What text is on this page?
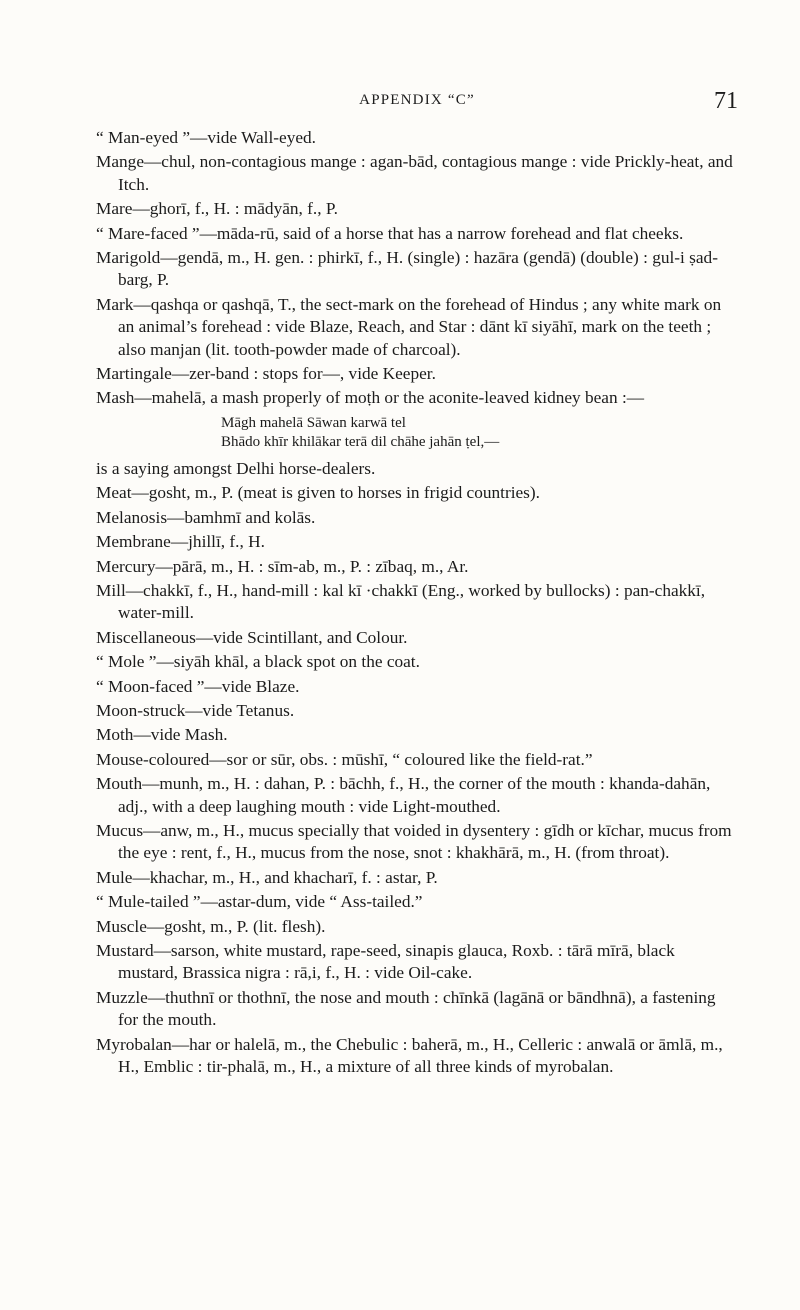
APPENDIX “C”	71

“ Man-eyed ”—vide Wall-eyed.

Mange—chul, non-contagious mange : agan-bād, contagious mange : vide Prickly-heat, and Itch.

Mare—ghorī, f., H. : mādyān, f., P.

“ Mare-faced ”—māda-rū, said of a horse that has a narrow forehead and flat cheeks.

Marigold—gendā, m., H. gen. : phirkī, f., H. (single) : hazāra (gendā) (double) : gul-i ṣad-barg, P.

Mark—qashqa or qashqā, T., the sect-mark on the forehead of Hindus ; any white mark on an animal’s forehead : vide Blaze, Reach, and Star : dānt kī siyāhī, mark on the teeth ; also manjan (lit. tooth-powder made of charcoal).

Martingale—zer-band : stops for—, vide Keeper.

Mash—mahelā, a mash properly of moṭh or the aconite-leaved kidney bean :—

Māgh mahelā Sāwan karwā tel
Bhādo khīr khilākar terā dil chāhe jahān ṭel,—

is a saying amongst Delhi horse-dealers.

Meat—gosht, m., P. (meat is given to horses in frigid countries).

Melanosis—bamhmī and kolās.

Membrane—jhillī, f., H.

Mercury—pārā, m., H. : sīm-ab, m., P. : zībaq, m., Ar.

Mill—chakkī, f., H., hand-mill : kal kī ·chakkī (Eng., worked by bullocks) : pan-chakkī, water-mill.

Miscellaneous—vide Scintillant, and Colour.

“ Mole ”—siyāh khāl, a black spot on the coat.

“ Moon-faced ”—vide Blaze.

Moon-struck—vide Tetanus.

Moth—vide Mash.

Mouse-coloured—sor or sūr, obs. : mūshī, “ coloured like the field-rat.”

Mouth—munh, m., H. : dahan, P. : bāchh, f., H., the corner of the mouth : khanda-dahān, adj., with a deep laughing mouth : vide Light-mouthed.

Mucus—anw, m., H., mucus specially that voided in dysentery : gīdh or kīchar, mucus from the eye : rent, f., H., mucus from the nose, snot : khakhārā, m., H. (from throat).

Mule—khachar, m., H., and khacharī, f. : astar, P.

“ Mule-tailed ”—astar-dum, vide “ Ass-tailed.”

Muscle—gosht, m., P. (lit. flesh).

Mustard—sarson, white mustard, rape-seed, sinapis glauca, Roxb. : tārā mīrā, black mustard, Brassica nigra : rā,i, f., H. : vide Oil-cake.

Muzzle—thuthnī or thothnī, the nose and mouth : chīnkā (lagānā or bāndhnā), a fastening for the mouth.

Myrobalan—har or halelā, m., the Chebulic : baherā, m., H., Celleric : anwalā or āmlā, m., H., Emblic : tir-phalā, m., H., a mixture of all three kinds of myrobalan.
